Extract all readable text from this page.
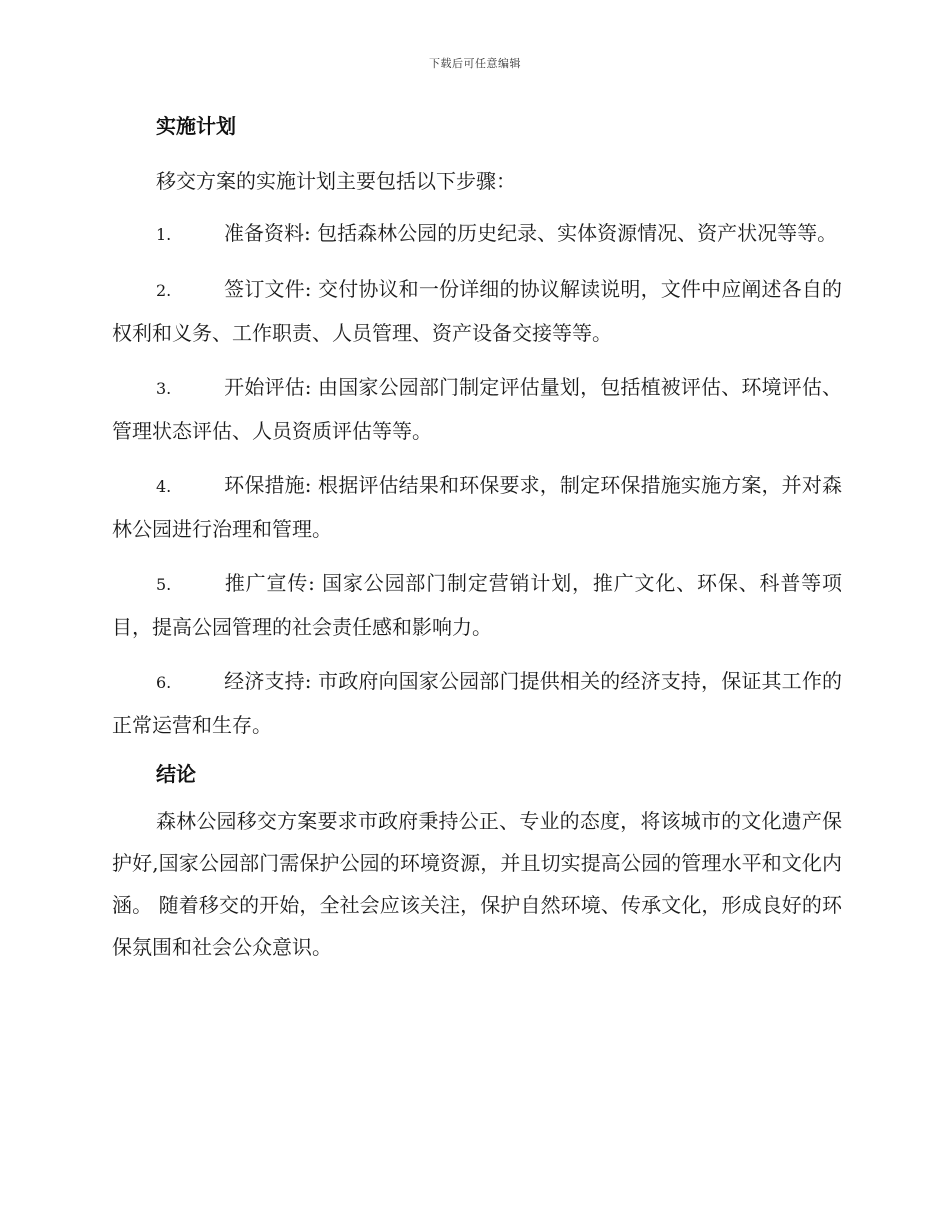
下载后可任意编辑
实施计划

移交方案的实施计划主要包括以下步骤：

1.	准备资料: 包括森林公园的历史纪录、实体资源情况、资产状况等等。

2.	签订文件: 交付协议和一份详细的协议解读说明，文件中应阐述各自的权利和义务、工作职责、人员管理、资产设备交接等等。

3.	开始评估: 由国家公园部门制定评估量划，包括植被评估、环境评估、管理状态评估、人员资质评估等等。

4.	环保措施: 根据评估结果和环保要求，制定环保措施实施方案，并对森林公园进行治理和管理。

5.	推广宣传: 国家公园部门制定营销计划，推广文化、环保、科普等项目，提高公园管理的社会责任感和影响力。

6.	经济支持: 市政府向国家公园部门提供相关的经济支持，保证其工作的正常运营和生存。

结论

森林公园移交方案要求市政府秉持公正、专业的态度，将该城市的文化遗产保护好,国家公园部门需保护公园的环境资源，并且切实提高公园的管理水平和文化内涵。 随着移交的开始，全社会应该关注，保护自然环境、传承文化，形成良好的环保氛围和社会公众意识。
